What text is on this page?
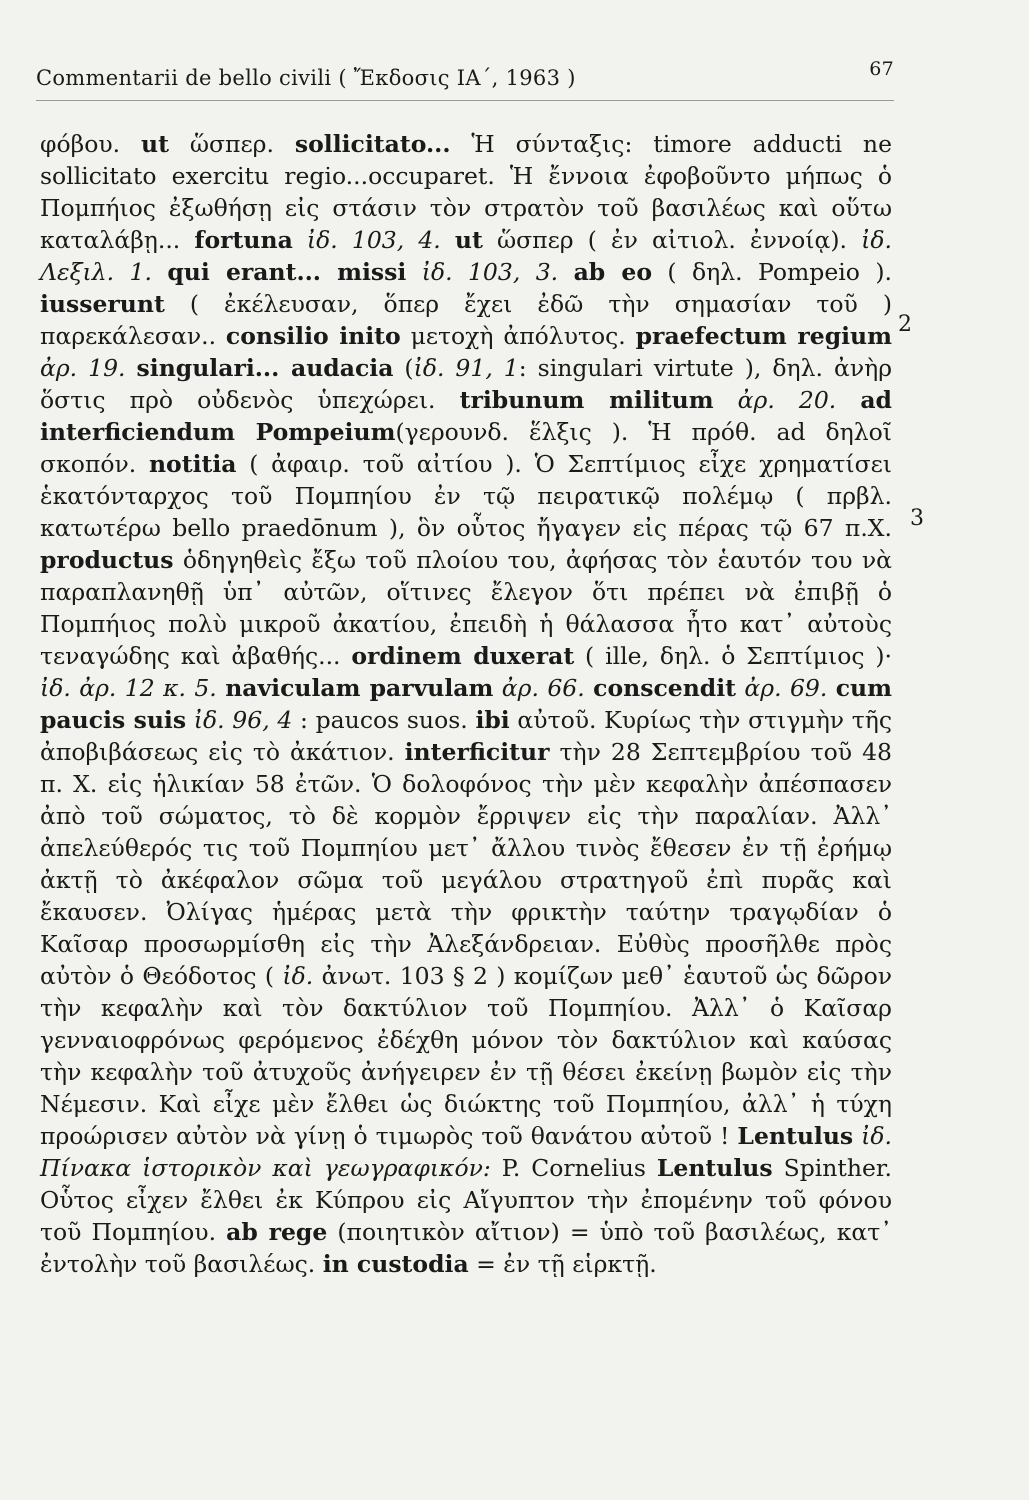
Commentarii de bello civili ( Ἔκδοσις ΙΑ΄, 1963 )	67

φόβου. ut ὥσπερ. sollicitato... Ἡ σύνταξις: timore adducti ne sollicitato exercitu regio...occuparet. Ἡ ἔννοια ἐφοβοῦντο μήπως ὁ Πομπήιος ἐξωθήσῃ εἰς στάσιν τὸν στρατὸν τοῦ βασιλέως καὶ οὕτω καταλάβῃ... fortuna ἰδ. 103, 4. ut ὥσπερ ( ἐν αἰτιολ. ἐννοίᾳ). ἰδ. Λεξιλ. 1. qui erant... missi ἰδ. 103, 3. ab eo ( δηλ. Pompeio ). iusserunt ( ἐκέλευσαν, ὅπερ ἔχει ἐδῶ τὴν σημασίαν τοῦ ) παρεκάλεσαν.. consilio inito μετοχὴ ἀπόλυτος. praefectum regium ἀρ. 19. singulari... audacia (ἰδ. 91, 1: singulari virtute ), δηλ. ἀνὴρ ὅστις πρὸ οὐδενὸς ὑπεχώρει. tribunum militum ἀρ. 20. ad interficiendum Pompeium(γερουνδ. ἕλξις ). Ἡ πρόθ. ad δηλοῖ σκοπόν. notitia ( ἀφαιρ. τοῦ αἰτίου ). Ὁ Σεπτίμιος εἶχε χρηματίσει ἑκατόνταρχος τοῦ Πομπηίου ἐν τῷ πειρατικῷ πολέμῳ ( πρβλ. κατωτέρω bello praedōnum ), ὃν οὗτος ἤγαγεν εἰς πέρας τῷ 67 π.Χ. productus ὁδηγηθεὶς ἔξω τοῦ πλοίου του, ἀφήσας τὸν ἑαυτόν του νὰ παραπλανηθῇ ὑπ᾽ αὐτῶν, οἵτινες ἔλεγον ὅτι πρέπει νὰ ἐπιβῇ ὁ Πομπήιος πολὺ μικροῦ ἀκατίου, ἐπειδὴ ἡ θάλασσα ἦτο κατ᾽ αὐτοὺς τεναγώδης καὶ ἀβαθής... ordinem duxerat ( ille, δηλ. ὁ Σεπτίμιος )· ἰδ. ἀρ. 12 κ. 5. naviculam parvulam ἀρ. 66. conscendit ἀρ. 69. cum paucis suis ἰδ. 96, 4 : paucos suos. ibi αὐτοῦ. Κυρίως τὴν στιγμὴν τῆς ἀποβιβάσεως εἰς τὸ ἀκάτιον. interficitur τὴν 28 Σεπτεμβρίου τοῦ 48 π. Χ. εἰς ἡλικίαν 58 ἐτῶν. Ὁ δολοφόνος τὴν μὲν κεφαλὴν ἀπέσπασεν ἀπὸ τοῦ σώματος, τὸ δὲ κορμὸν ἔρριψεν εἰς τὴν παραλίαν. Ἀλλ᾽ ἀπελεύθερός τις τοῦ Πομπηίου μετ᾽ ἄλλου τινὸς ἔθεσεν ἐν τῇ ἐρήμῳ ἀκτῇ τὸ ἀκέφαλον σῶμα τοῦ μεγάλου στρατηγοῦ ἐπὶ πυρᾶς καὶ ἔκαυσεν. Ὀλίγας ἡμέρας μετὰ τὴν φρικτὴν ταύτην τραγῳδίαν ὁ Καῖσαρ προσωρμίσθη εἰς τὴν Ἀλεξάνδρειαν. Εὐθὺς προσῆλθε πρὸς αὐτὸν ὁ Θεόδοτος ( ἰδ. ἀνωτ. 103 § 2 ) κομίζων μεθ᾽ ἑαυτοῦ ὡς δῶρον τὴν κεφαλὴν καὶ τὸν δακτύλιον τοῦ Πομπηίου. Ἀλλ᾽ ὁ Καῖσαρ γενναιοφρόνως φερόμενος ἐδέχθη μόνον τὸν δακτύλιον καὶ καύσας τὴν κεφαλὴν τοῦ ἀτυχοῦς ἀνήγειρεν ἐν τῇ θέσει ἐκείνῃ βωμὸν εἰς τὴν Νέμεσιν. Καὶ εἶχε μὲν ἔλθει ὡς διώκτης τοῦ Πομπηίου, ἀλλ᾽ ἡ τύχη προώρισεν αὐτὸν νὰ γίνῃ ὁ τιμωρὸς τοῦ θανάτου αὐτοῦ ! Lentulus ἰδ. Πίνακα ἱστορικὸν καὶ γεωγραφικόν: P. Cornelius Lentulus Spinther. Οὗτος εἶχεν ἔλθει ἐκ Κύπρου εἰς Αἴγυπτον τὴν ἐπομένην τοῦ φόνου τοῦ Πομπηίου. ab rege (ποιητικὸν αἴτιον) = ὑπὸ τοῦ βασιλέως, κατ᾽ ἐντολὴν τοῦ βασιλέως. in custodia = ἐν τῇ εἱρκτῇ.

2
3
